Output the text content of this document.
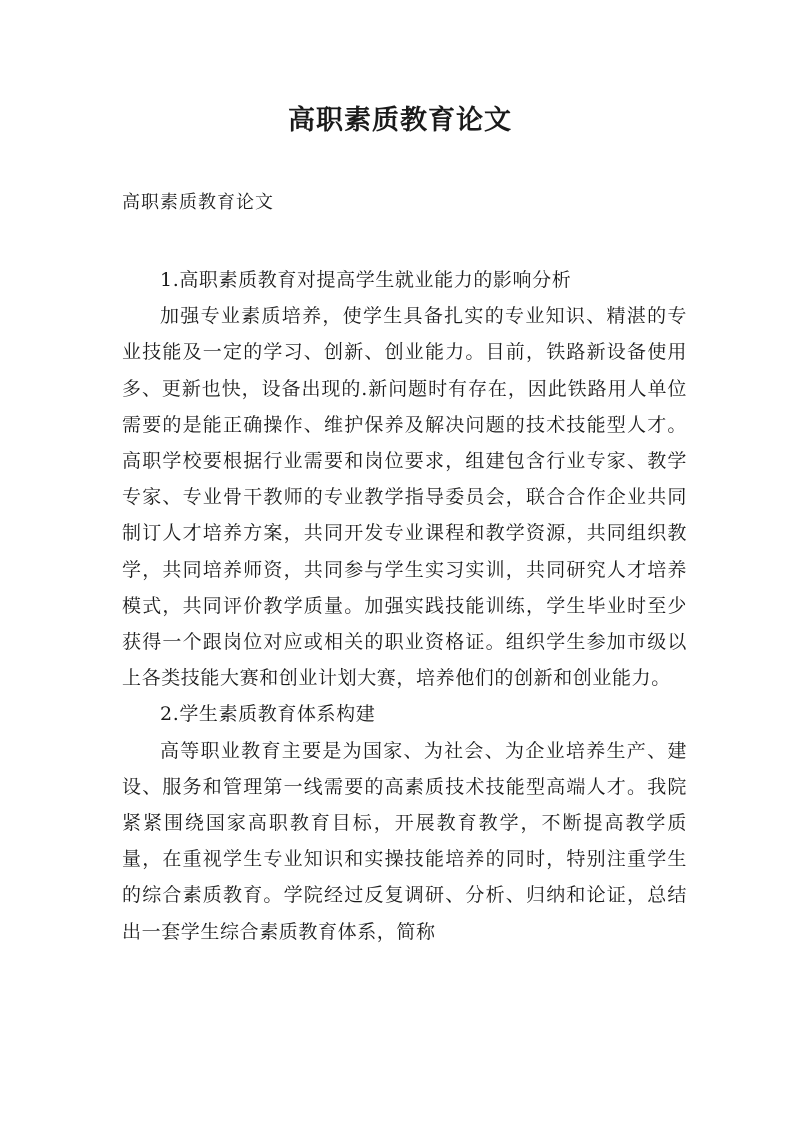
高职素质教育论文
高职素质教育论文

1.高职素质教育对提高学生就业能力的影响分析

加强专业素质培养，使学生具备扎实的专业知识、精湛的专业技能及一定的学习、创新、创业能力。目前，铁路新设备使用多、更新也快，设备出现的.新问题时有存在，因此铁路用人单位需要的是能正确操作、维护保养及解决问题的技术技能型人才。高职学校要根据行业需要和岗位要求，组建包含行业专家、教学专家、专业骨干教师的专业教学指导委员会，联合合作企业共同制订人才培养方案，共同开发专业课程和教学资源，共同组织教学，共同培养师资，共同参与学生实习实训，共同研究人才培养模式，共同评价教学质量。加强实践技能训练，学生毕业时至少获得一个跟岗位对应或相关的职业资格证。组织学生参加市级以上各类技能大赛和创业计划大赛，培养他们的创新和创业能力。

2.学生素质教育体系构建

高等职业教育主要是为国家、为社会、为企业培养生产、建设、服务和管理第一线需要的高素质技术技能型高端人才。我院紧紧围绕国家高职教育目标，开展教育教学，不断提高教学质量，在重视学生专业知识和实操技能培养的同时，特别注重学生的综合素质教育。学院经过反复调研、分析、归纳和论证，总结出一套学生综合素质教育体系，简称
